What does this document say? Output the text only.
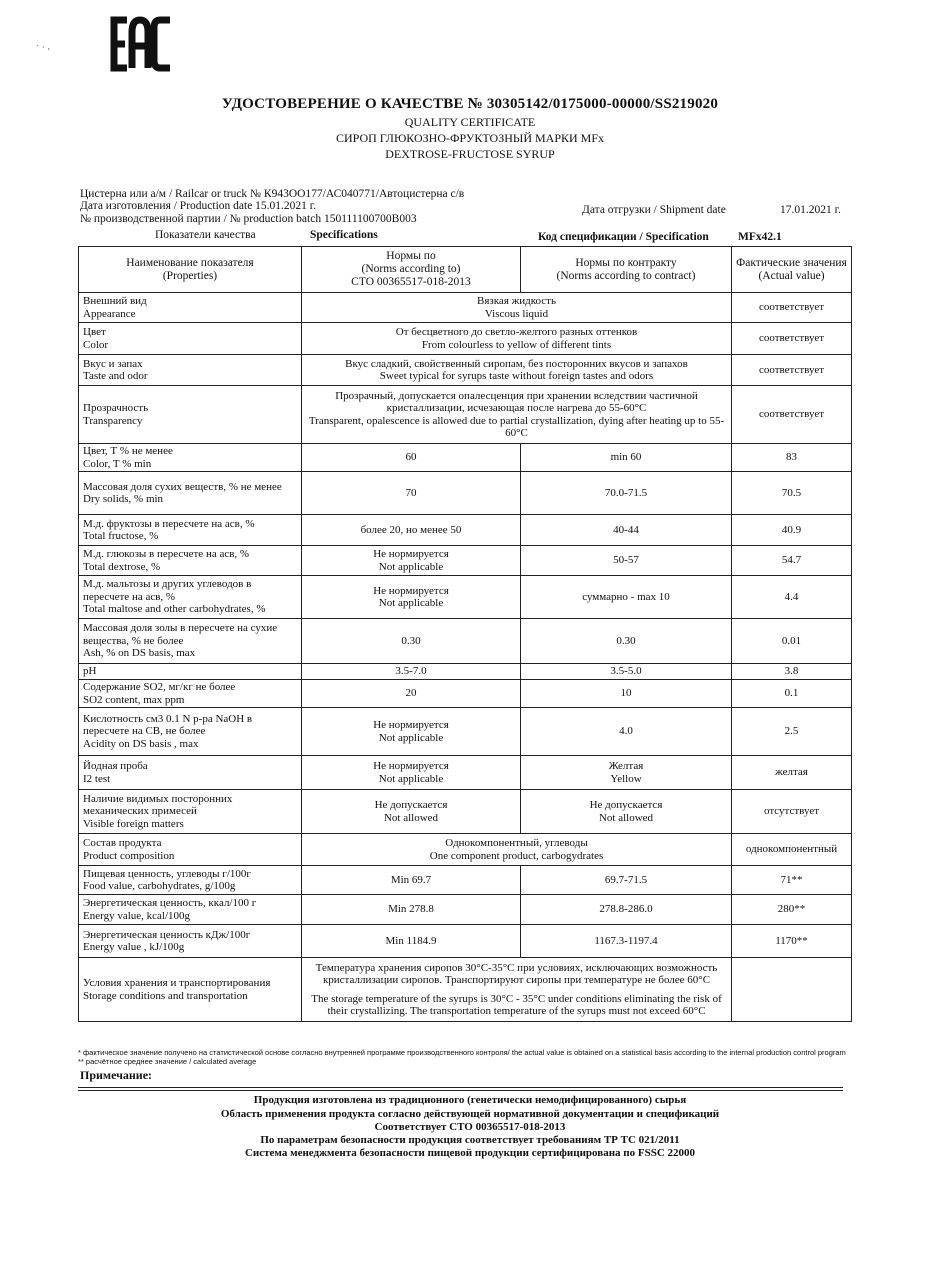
· ⸳ ‚
УДОСТОВЕРЕНИЕ О КАЧЕСТВЕ № 30305142/0175000-00000/SS219020
QUALITY CERTIFICATE
СИРОП ГЛЮКОЗНО-ФРУКТОЗНЫЙ МАРКИ MFx
DEXTROSE-FRUCTOSE SYRUP
Цистерна или а/м / Railcar or truck № К943ОО177/АС040771/Автоцистерна с/в
Дата изготовления / Production date 15.01.2021 г.
№ производственной партии / № production batch 150111100700В003
Дата отгрузки / Shipment date	17.01.2021 г.
Показатели качества	Specifications	Код спецификации / Specification	MFx42.1
Наименование показателя
(Properties)	Нормы по
(Norms according to)
СТО 00365517-018-2013	Нормы по контракту
(Norms according to contract)	Фактические значения
(Actual value)

Внешний вид
Appearance	Вязкая жидкость
Viscous liquid		соответствует

Цвет
Color	От бесцветного до светло-желтого разных оттенков
From colourless to yellow of different tints		соответствует

Вкус и запах
Taste and odor	Вкус сладкий, свойственный сиропам, без посторонних вкусов и запахов
Sweet typical for syrups taste without foreign tastes and odors		соответствует

Прозрачность
Transparency	Прозрачный, допускается опалесценция при хранении вследствии частичной кристаллизации, исчезающая после нагрева до 55-60°С
Transparent, opalescence is allowed due to partial crystallization, dying after heating up to 55-60°С		соответствует

Цвет, Т % не менее
Color, T % min	60	min 60	83

Массовая доля сухих веществ, % не менее
Dry solids, % min	70	70.0-71.5	70.5

М.д. фруктозы в пересчете на асв, %
Total fructose, %	более 20, но менее 50	40-44	40.9

М.д. глюкозы в пересчете на асв, %
Total dextrose, %	Не нормируется
Not applicable	50-57	54.7

М.д. мальтозы и других углеводов в пересчете на асв, %
Total maltose and other carbohydrates, %	Не нормируется
Not applicable	суммарно - max 10	4.4

Массовая доля золы в пересчете на сухие вещества, % не более
Ash, % on DS basis, max	0.30	0.30	0.01

pH	3.5-7.0	3.5-5.0	3.8

Содержание SO2, мг/кг не более
SO2 content, max ppm	20	10	0.1

Кислотность см3 0.1 N р-ра NaOH в пересчете на СВ, не более
Acidity on DS basis , max	Не нормируется
Not applicable	4.0	2.5

Йодная проба
I2 test	Не нормируется
Not applicable	Желтая
Yellow	желтая

Наличие видимых посторонних механических примесей
Visible foreign matters	Не допускается
Not allowed	Не допускается
Not allowed	отсутствует

Состав продукта
Product composition	Однокомпонентный, углеводы
One component product, carbogydrates		однокомпонентный

Пищевая ценность, углеводы г/100г
Food value, carbohydrates, g/100g	Min 69.7	69.7-71.5	71**

Энергетическая ценность, ккал/100 г
Energy value, kcal/100g	Min 278.8	278.8-286.0	280**

Энергетическая ценность кДж/100г
Energy value , kJ/100g	Min 1184.9	1167.3-1197.4	1170**

Условия хранения и транспортирования
Storage conditions and transportation	Температура хранения сиропов 30°С-35°С при условиях, исключающих возможность кристаллизации сиропов. Транспортируют сиропы при температуре не более 60°С
The storage temperature of the syrups is 30°C - 35°C under conditions eliminating the risk of their crystallizing. The transportation temperature of the syrups must not exceed 60°C		

* фактическое значение получено на статистической основе согласно внутренней программе производственного контроля/ the actual value is obtained on a statistical basis according to the internal production control program
** расчётное среднее значение / calculated average
Примечание:
Продукция изготовлена из традиционного (генетически немодифицированного) сырья
Область применения продукта согласно действующей нормативной документации и спецификаций
Соответствует СТО 00365517-018-2013
По параметрам безопасности продукция соответствует требованиям ТР ТС 021/2011
Система менеджмента безопасности пищевой продукции сертифицирована по FSSC 22000
